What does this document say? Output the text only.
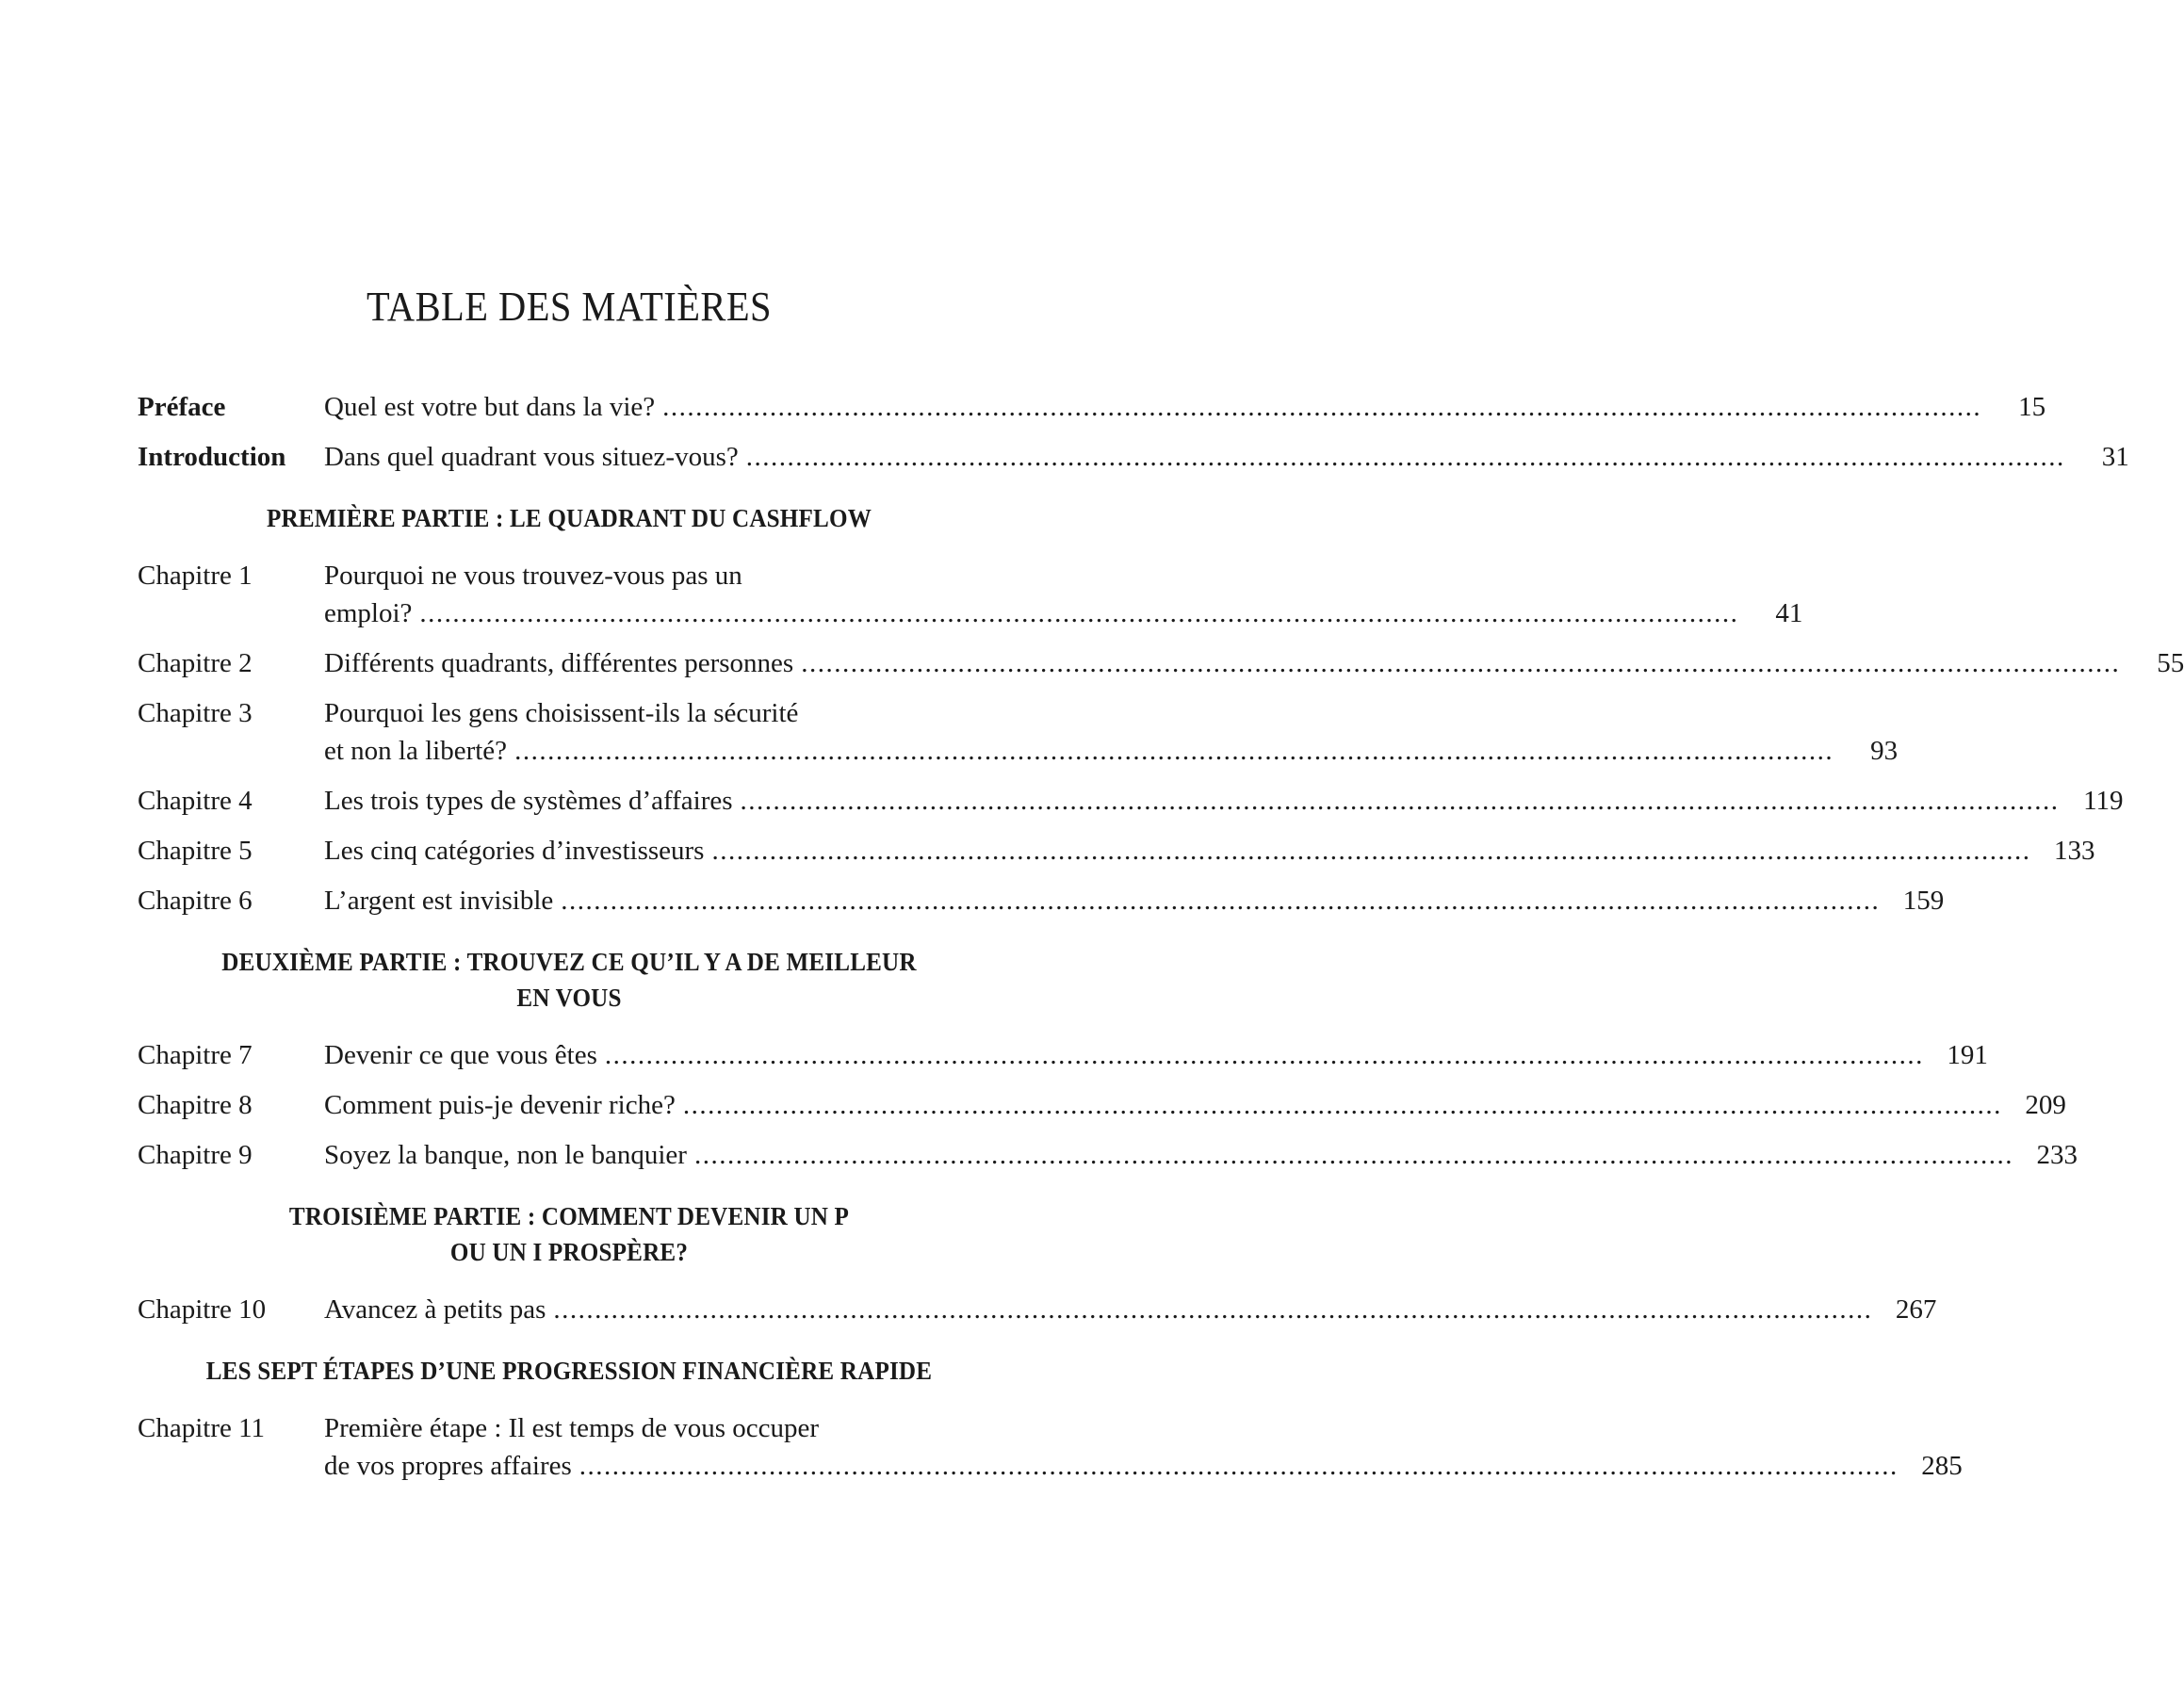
TABLE DES MATIÈRES
Préface	Quel est votre but dans la vie? .....	15
Introduction	Dans quel quadrant vous situez-vous? .....	31

PREMIÈRE PARTIE : LE QUADRANT DU CASHFLOW

Chapitre 1	Pourquoi ne vous trouvez-vous pas un
emploi? .....	41
Chapitre 2	Différents quadrants, différentes personnes .....	55
Chapitre 3	Pourquoi les gens choisissent-ils la sécurité
et non la liberté? .....	93
Chapitre 4	Les trois types de systèmes d’affaires .....	119
Chapitre 5	Les cinq catégories d’investisseurs .....	133
Chapitre 6	L’argent est invisible .....	159

DEUXIÈME PARTIE : TROUVEZ CE QU’IL Y A DE MEILLEUR

EN VOUS

Chapitre 7	Devenir ce que vous êtes .....	191
Chapitre 8	Comment puis-je devenir riche? .....	209
Chapitre 9	Soyez la banque, non le banquier .....	233

TROISIÈME PARTIE : COMMENT DEVENIR UN P

OU UN I PROSPÈRE?

Chapitre 10	Avancez à petits pas .....	267

LES SEPT ÉTAPES D’UNE PROGRESSION FINANCIÈRE RAPIDE

Chapitre 11	Première étape : Il est temps de vous occuper
de vos propres affaires .....	285
